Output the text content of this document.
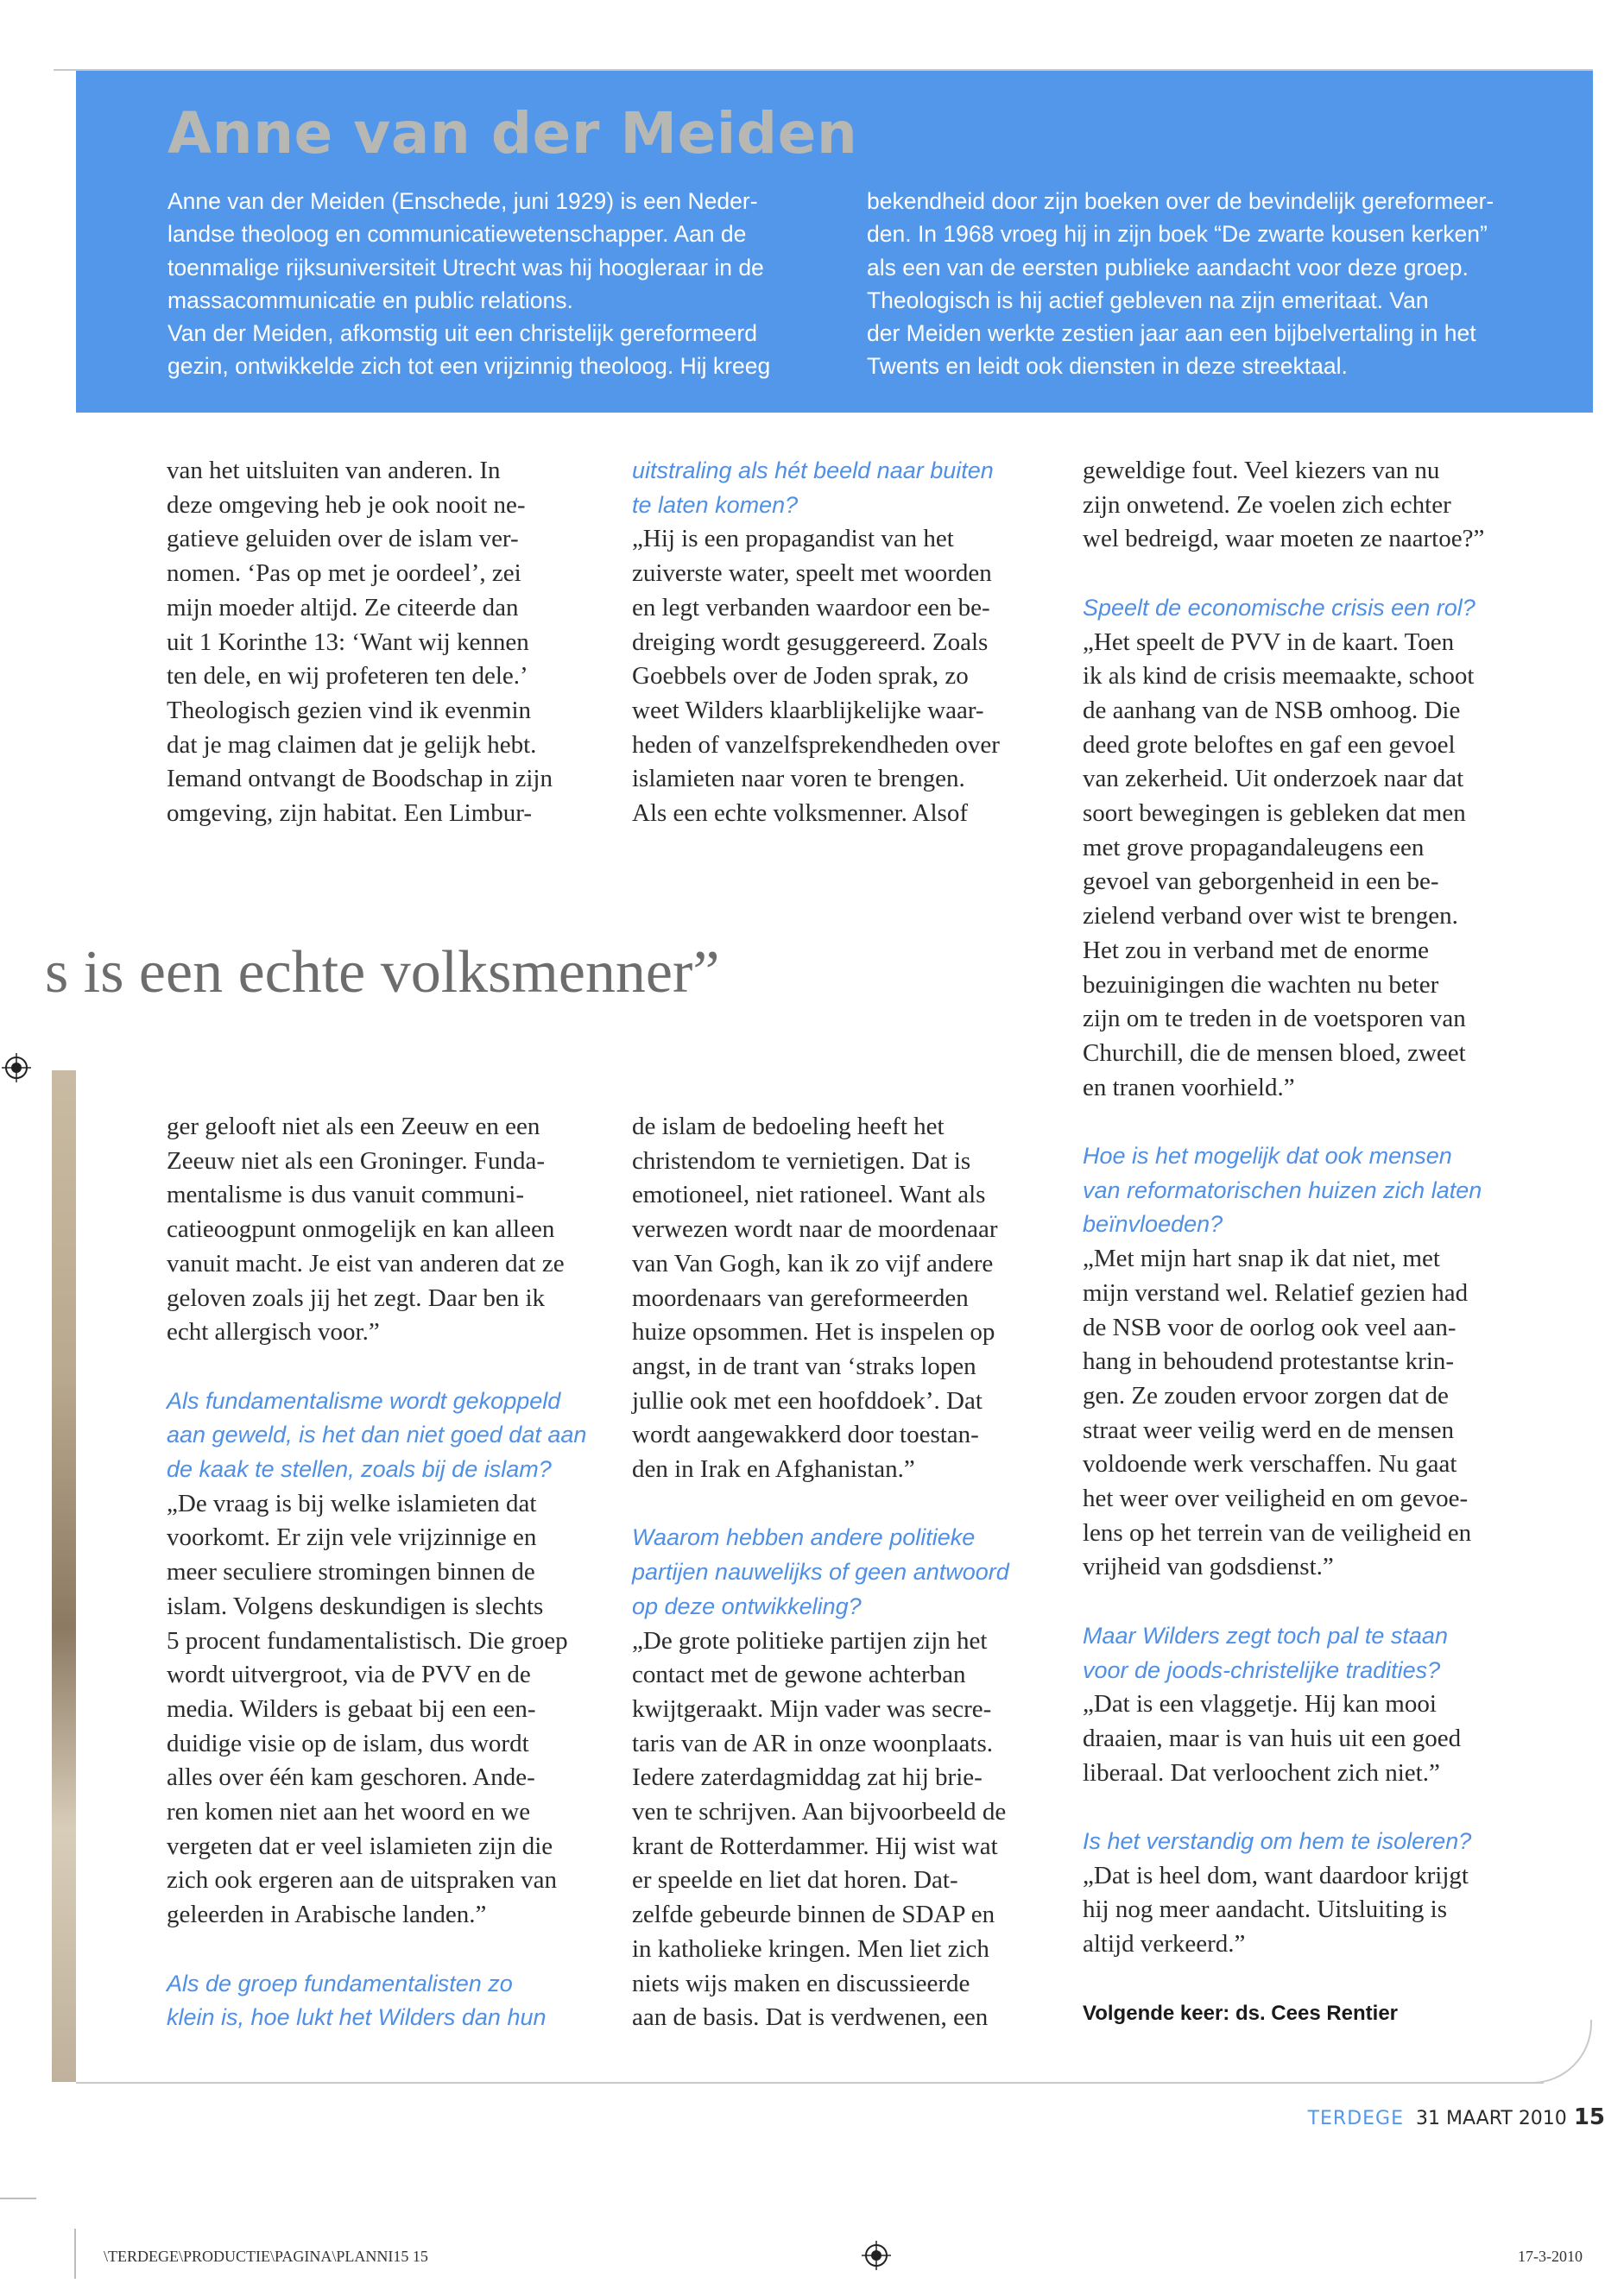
Anne van der Meiden
Anne van der Meiden (Enschede, juni 1929) is een Neder-
landse theoloog en communicatiewetenschapper. Aan de
toenmalige rijksuniversiteit Utrecht was hij hoogleraar in de
massacommunicatie en public relations.
Van der Meiden, afkomstig uit een christelijk gereformeerd
gezin, ontwikkelde zich tot een vrijzinnig theoloog. Hij kreeg
bekendheid door zijn boeken over de bevindelijk gereformeer-
den. In 1968 vroeg hij in zijn boek “De zwarte kousen kerken”
als een van de eersten publieke aandacht voor deze groep.
Theologisch is hij actief gebleven na zijn emeritaat. Van
der Meiden werkte zestien jaar aan een bijbelvertaling in het
Twents en leidt ook diensten in deze streektaal.
van het uitsluiten van anderen. In
deze omgeving heb je ook nooit ne-
gatieve geluiden over de islam ver-
nomen. ‘Pas op met je oordeel’, zei
mijn moeder altijd. Ze citeerde dan
uit 1 Korinthe 13: ‘Want wij kennen
ten dele, en wij profeteren ten dele.’
Theologisch gezien vind ik evenmin
dat je mag claimen dat je gelijk hebt.
Iemand ontvangt de Boodschap in zijn
omgeving, zijn habitat. Een Limbur-
uitstraling als hét beeld naar buiten
te laten komen?
„Hij is een propagandist van het
zuiverste water, speelt met woorden
en legt verbanden waardoor een be-
dreiging wordt gesuggereerd. Zoals
Goebbels over de Joden sprak, zo
weet Wilders klaarblijkelijke waar-
heden of vanzelfsprekendheden over
islamieten naar voren te brengen.
Als een echte volksmenner. Alsof
s is een echte volksmenner”
ger gelooft niet als een Zeeuw en een
Zeeuw niet als een Groninger. Funda-
mentalisme is dus vanuit communi-
catieoogpunt onmogelijk en kan alleen
vanuit macht. Je eist van anderen dat ze
geloven zoals jij het zegt. Daar ben ik
echt allergisch voor.”
Als fundamentalisme wordt gekoppeld
aan geweld, is het dan niet goed dat aan
de kaak te stellen, zoals bij de islam?
„De vraag is bij welke islamieten dat
voorkomt. Er zijn vele vrijzinnige en
meer seculiere stromingen binnen de
islam. Volgens deskundigen is slechts
5 procent fundamentalistisch. Die groep
wordt uitvergroot, via de PVV en de
media. Wilders is gebaat bij een een-
duidige visie op de islam, dus wordt
alles over één kam geschoren. Ande-
ren komen niet aan het woord en we
vergeten dat er veel islamieten zijn die
zich ook ergeren aan de uitspraken van
geleerden in Arabische landen.”
Als de groep fundamentalisten zo
klein is, hoe lukt het Wilders dan hun
de islam de bedoeling heeft het
christendom te vernietigen. Dat is
emotioneel, niet rationeel. Want als
verwezen wordt naar de moordenaar
van Van Gogh, kan ik zo vijf andere
moordenaars van gereformeerden
huize opsommen. Het is inspelen op
angst, in de trant van ‘straks lopen
jullie ook met een hoofddoek’. Dat
wordt aangewakkerd door toestan-
den in Irak en Afghanistan.”
Waarom hebben andere politieke
partijen nauwelijks of geen antwoord
op deze ontwikkeling?
„De grote politieke partijen zijn het
contact met de gewone achterban
kwijtgeraakt. Mijn vader was secre-
taris van de AR in onze woonplaats.
Iedere zaterdagmiddag zat hij brie-
ven te schrijven. Aan bijvoorbeeld de
krant de Rotterdammer. Hij wist wat
er speelde en liet dat horen. Dat-
zelfde gebeurde binnen de SDAP en
in katholieke kringen. Men liet zich
niets wijs maken en discussieerde
aan de basis. Dat is verdwenen, een
geweldige fout. Veel kiezers van nu
zijn onwetend. Ze voelen zich echter
wel bedreigd, waar moeten ze naartoe?”
Speelt de economische crisis een rol?
„Het speelt de PVV in de kaart. Toen
ik als kind de crisis meemaakte, schoot
de aanhang van de NSB omhoog. Die
deed grote beloftes en gaf een gevoel
van zekerheid. Uit onderzoek naar dat
soort bewegingen is gebleken dat men
met grove propagandaleugens een
gevoel van geborgenheid in een be-
zielend verband over wist te brengen.
Het zou in verband met de enorme
bezuinigingen die wachten nu beter
zijn om te treden in de voetsporen van
Churchill, die de mensen bloed, zweet
en tranen voorhield.”
Hoe is het mogelijk dat ook mensen
van reformatorischen huizen zich laten
beïnvloeden?
„Met mijn hart snap ik dat niet, met
mijn verstand wel. Relatief gezien had
de NSB voor de oorlog ook veel aan-
hang in behoudend protestantse krin-
gen. Ze zouden ervoor zorgen dat de
straat weer veilig werd en de mensen
voldoende werk verschaffen. Nu gaat
het weer over veiligheid en om gevoe-
lens op het terrein van de veiligheid en
vrijheid van godsdienst.”
Maar Wilders zegt toch pal te staan
voor de joods-christelijke tradities?
„Dat is een vlaggetje. Hij kan mooi
draaien, maar is van huis uit een goed
liberaal. Dat verloochent zich niet.”
Is het verstandig om hem te isoleren?
„Dat is heel dom, want daardoor krijgt
hij nog meer aandacht. Uitsluiting is
altijd verkeerd.”
Volgende keer: ds. Cees Rentier
TERDEGE 31 MAART 2010 15
\TERDEGE\PRODUCTIE\PAGINA\PLANNI15 15	17-3-2010
